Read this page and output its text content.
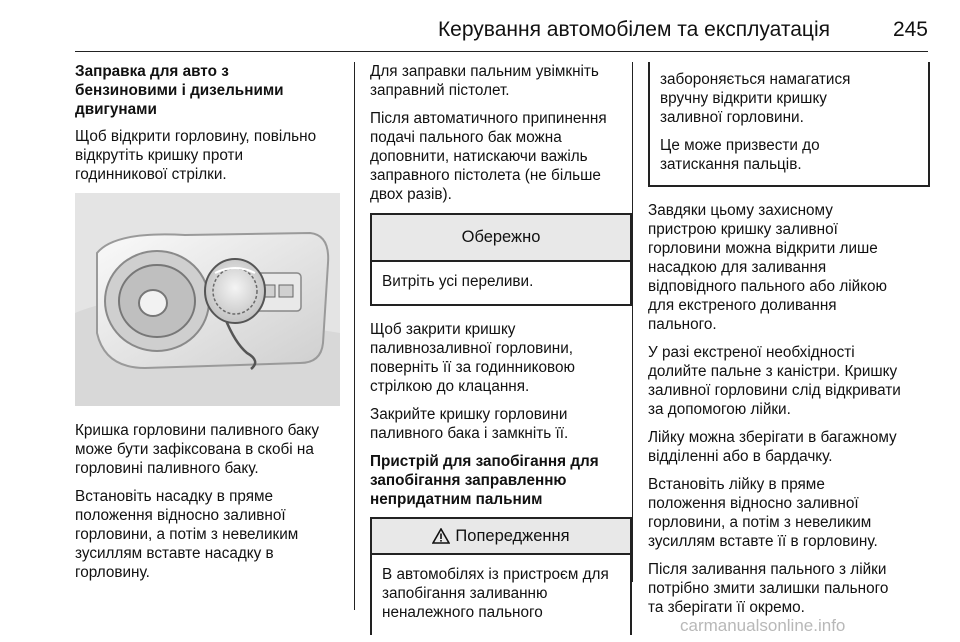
Керування автомобілем та експлуатація	245
Заправка для авто з
бензиновими і дизельними
двигунами
Щоб відкрити горловину, повільно
відкрутіть кришку проти
годинникової стрілки.
Кришка горловини паливного баку
може бути зафіксована в скобі на
горловині паливного баку.
Встановіть насадку в пряме
положення відносно заливної
горловини, а потім з невеликим
зусиллям вставте насадку в
горловину.
Для заправки пальним увімкніть
заправний пістолет.
Після автоматичного припинення
подачі пального бак можна
доповнити, натискаючи важіль
заправного пістолета (не більше
двох разів).
Обережно
Витріть усі переливи.
Щоб закрити кришку
паливнозаливної горловини,
поверніть її за годинниковою
стрілкою до клацання.
Закрийте кришку горловини
паливного бака і замкніть її.
Пристрій для запобігання для
запобігання заправленню
непридатним пальним
Попередження
В автомобілях із пристроєм для
запобігання заливанню
неналежного пального
забороняється намагатися
вручну відкрити кришку
заливної горловини.
Це може призвести до
затискання пальців.
Завдяки цьому захисному
пристрою кришку заливної
горловини можна відкрити лише
насадкою для заливання
відповідного пального або лійкою
для екстреного доливання
пального.
У разі екстреної необхідності
долийте пальне з каністри. Кришку
заливної горловини слід відкривати
за допомогою лійки.
Лійку можна зберігати в багажному
відділенні або в бардачку.
Встановіть лійку в пряме
положення відносно заливної
горловини, а потім з невеликим
зусиллям вставте її в горловину.
Після заливання пального з лійки
потрібно змити залишки пального
та зберігати її окремо.
carmanualsonline.info
